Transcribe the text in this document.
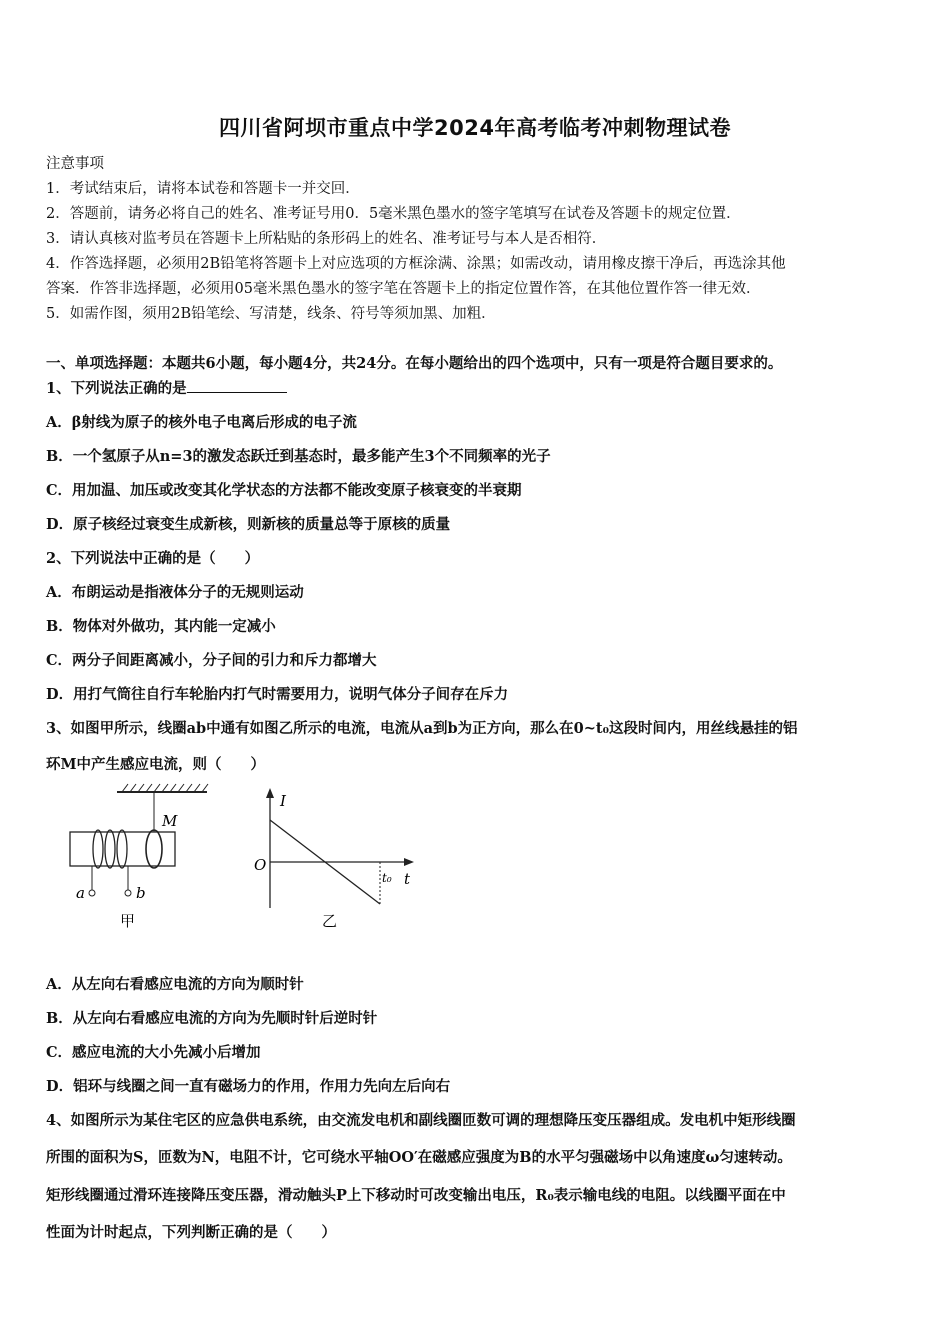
四川省阿坝市重点中学2024年高考临考冲刺物理试卷
注意事项
1．考试结束后，请将本试卷和答题卡一并交回．
2．答题前，请务必将自己的姓名、准考证号用0．5毫米黑色墨水的签字笔填写在试卷及答题卡的规定位置．
3．请认真核对监考员在答题卡上所粘贴的条形码上的姓名、准考证号与本人是否相符．
4．作答选择题，必须用2B铅笔将答题卡上对应选项的方框涂满、涂黑；如需改动，请用橡皮擦干净后，再选涂其他
答案．作答非选择题，必须用05毫米黑色墨水的签字笔在答题卡上的指定位置作答，在其他位置作答一律无效．
5．如需作图，须用2B铅笔绘、写清楚，线条、符号等须加黑、加粗．
一、单项选择题：本题共6小题，每小题4分，共24分。在每小题给出的四个选项中，只有一项是符合题目要求的。
1、下列说法正确的是
A．β射线为原子的核外电子电离后形成的电子流
B．一个氢原子从n=3的激发态跃迁到基态时，最多能产生3个不同频率的光子
C．用加温、加压或改变其化学状态的方法都不能改变原子核衰变的半衰期
D．原子核经过衰变生成新核，则新核的质量总等于原核的质量
2、下列说法中正确的是（　　）
A．布朗运动是指液体分子的无规则运动
B．物体对外做功，其内能一定减小
C．两分子间距离减小，分子间的引力和斥力都增大
D．用打气筒往自行车轮胎内打气时需要用力，说明气体分子间存在斥力
3、如图甲所示，线圈ab中通有如图乙所示的电流，电流从a到b为正方向，那么在0~t₀这段时间内，用丝线悬挂的铝
环M中产生感应电流，则（　　）
M
a	b
甲
I
O
t
t₀
乙
A．从左向右看感应电流的方向为顺时针
B．从左向右看感应电流的方向为先顺时针后逆时针
C．感应电流的大小先减小后增加
D．铝环与线圈之间一直有磁场力的作用，作用力先向左后向右
4、如图所示为某住宅区的应急供电系统，由交流发电机和副线圈匝数可调的理想降压变压器组成。发电机中矩形线圈
所围的面积为S，匝数为N，电阻不计，它可绕水平轴OO′在磁感应强度为B的水平匀强磁场中以角速度ω匀速转动。
矩形线圈通过滑环连接降压变压器，滑动触头P上下移动时可改变输出电压，R₀表示输电线的电阻。以线圈平面在中
性面为计时起点，下列判断正确的是（　　）
